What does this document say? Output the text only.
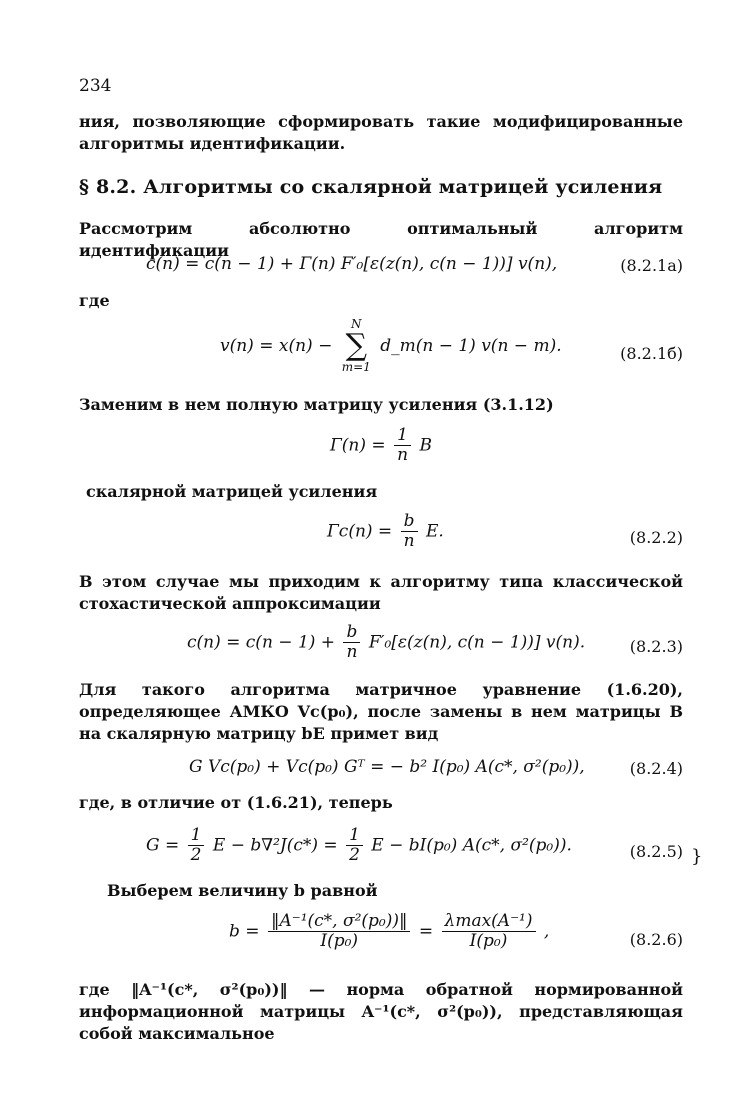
234
ния, позволяющие сформировать такие модифицированные алгоритмы идентификации.
§ 8.2. Алгоритмы со скалярной матрицей усиления
Рассмотрим абсолютно оптимальный алгоритм идентификации
c(n) = c(n − 1) + Γ(n) F′₀[ε(z(n), c(n − 1))] v(n),	(8.2.1а)
где
v(n) = x(n) −
N
∑
m=1
d_m(n − 1) v(n − m).	(8.2.1б)
Заменим в нем полную матрицу усиления (3.1.12)
$\Gamma(n) = \frac{1}{n}$ B
скалярной матрицей усиления
$\Gamma c(n) = \frac{b}{n} E$.	(8.2.2)
В этом случае мы приходим к алгоритму типа классической стохастической аппроксимации
$c(n) = c(n - 1) + \frac{b}{n} F'_0[\varepsilon(z(n)$, c(n − 1))] v(n).	(8.2.3)
Для такого алгоритма матричное уравнение (1.6.20), определяющее АМКО Vc(p₀), после замены в нем матрицы B на скалярную матрицу bE примет вид
G Vc(p₀) + Vc(p₀) Gᵀ = − b² I(p₀) A(c*, σ²(p₀)),	(8.2.4)
где, в отличие от (1.6.21), теперь
$G = \frac{1}{2}$ $E - b\nabla^2J(c*) = \frac{1}{2}$ E − bI(p₀) A(c*, σ²(p₀)).	(8.2.5) }
Выберем величину b равной
$b = \frac{\text{‖A⁻¹(c*, σ²(p₀))‖}}{\text{I(p₀)}} = \frac{\text{λmax(A⁻¹)}}{\text{I(p₀)}}$ ,	(8.2.6)
где ‖A⁻¹(c*, σ²(p₀))‖ — норма обратной нормированной информационной матрицы A⁻¹(c*, σ²(p₀)), представляющая собой максимальное
